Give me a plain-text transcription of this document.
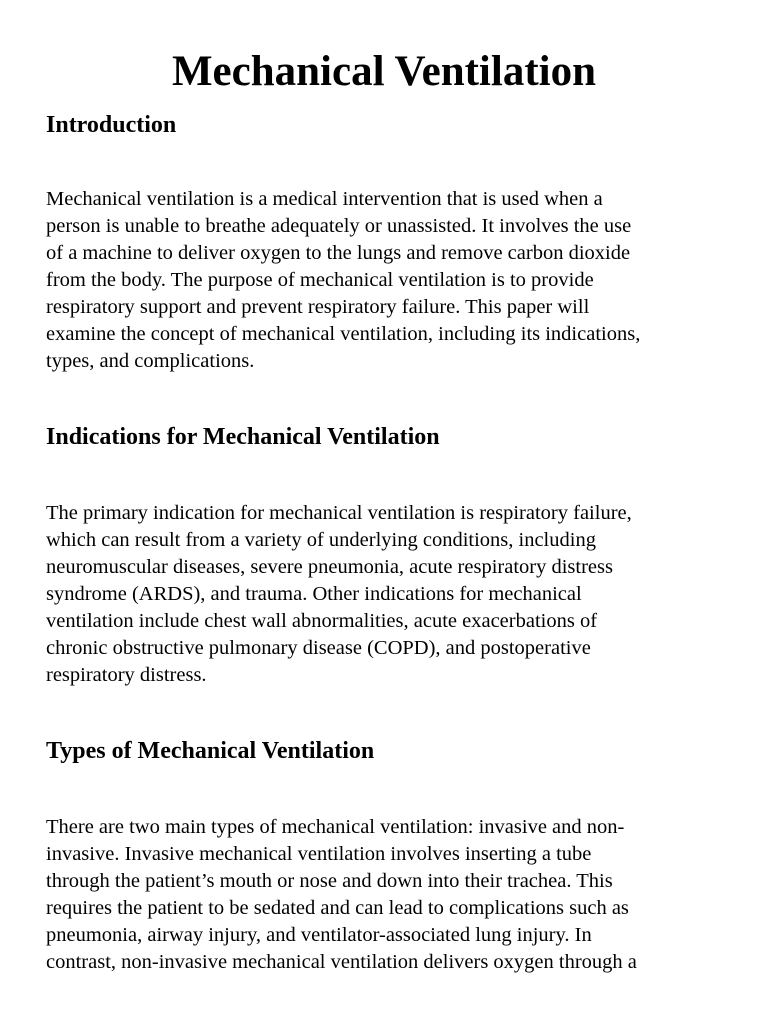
Mechanical Ventilation
Introduction
Mechanical ventilation is a medical intervention that is used when a
person is unable to breathe adequately or unassisted. It involves the use
of a machine to deliver oxygen to the lungs and remove carbon dioxide
from the body. The purpose of mechanical ventilation is to provide
respiratory support and prevent respiratory failure. This paper will
examine the concept of mechanical ventilation, including its indications,
types, and complications.
Indications for Mechanical Ventilation
The primary indication for mechanical ventilation is respiratory failure,
which can result from a variety of underlying conditions, including
neuromuscular diseases, severe pneumonia, acute respiratory distress
syndrome (ARDS), and trauma. Other indications for mechanical
ventilation include chest wall abnormalities, acute exacerbations of
chronic obstructive pulmonary disease (COPD), and postoperative
respiratory distress.
Types of Mechanical Ventilation
There are two main types of mechanical ventilation: invasive and non-
invasive. Invasive mechanical ventilation involves inserting a tube
through the patient’s mouth or nose and down into their trachea. This
requires the patient to be sedated and can lead to complications such as
pneumonia, airway injury, and ventilator-associated lung injury. In
contrast, non-invasive mechanical ventilation delivers oxygen through a
